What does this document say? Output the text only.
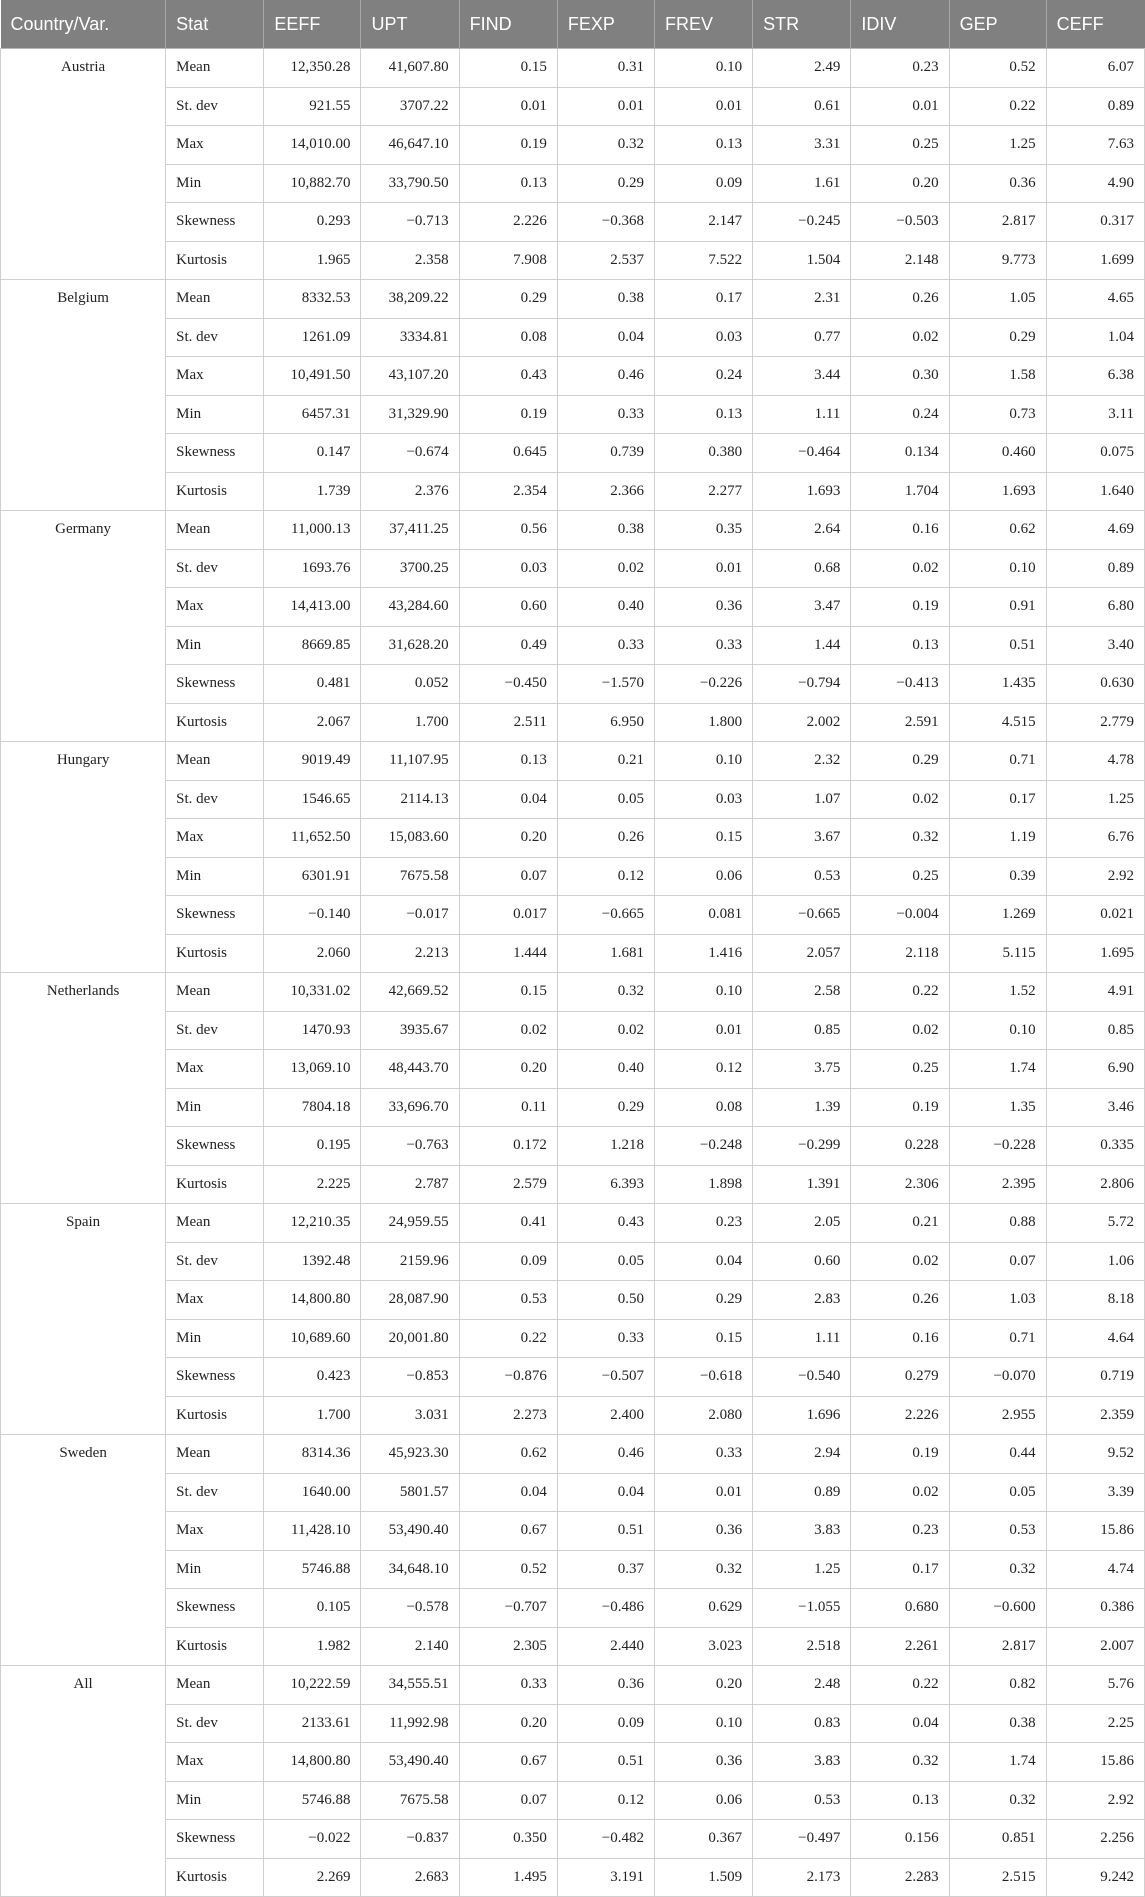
Country/Var.	Stat	EEFF	UPT	FIND	FEXP	FREV	STR	IDIV	GEP	CEFF
Austria	Mean	12,350.28	41,607.80	0.15	0.31	0.10	2.49	0.23	0.52	6.07
	St. dev	921.55	3707.22	0.01	0.01	0.01	0.61	0.01	0.22	0.89
	Max	14,010.00	46,647.10	0.19	0.32	0.13	3.31	0.25	1.25	7.63
	Min	10,882.70	33,790.50	0.13	0.29	0.09	1.61	0.20	0.36	4.90
	Skewness	0.293	−0.713	2.226	−0.368	2.147	−0.245	−0.503	2.817	0.317
	Kurtosis	1.965	2.358	7.908	2.537	7.522	1.504	2.148	9.773	1.699
Belgium	Mean	8332.53	38,209.22	0.29	0.38	0.17	2.31	0.26	1.05	4.65
	St. dev	1261.09	3334.81	0.08	0.04	0.03	0.77	0.02	0.29	1.04
	Max	10,491.50	43,107.20	0.43	0.46	0.24	3.44	0.30	1.58	6.38
	Min	6457.31	31,329.90	0.19	0.33	0.13	1.11	0.24	0.73	3.11
	Skewness	0.147	−0.674	0.645	0.739	0.380	−0.464	0.134	0.460	0.075
	Kurtosis	1.739	2.376	2.354	2.366	2.277	1.693	1.704	1.693	1.640
Germany	Mean	11,000.13	37,411.25	0.56	0.38	0.35	2.64	0.16	0.62	4.69
	St. dev	1693.76	3700.25	0.03	0.02	0.01	0.68	0.02	0.10	0.89
	Max	14,413.00	43,284.60	0.60	0.40	0.36	3.47	0.19	0.91	6.80
	Min	8669.85	31,628.20	0.49	0.33	0.33	1.44	0.13	0.51	3.40
	Skewness	0.481	0.052	−0.450	−1.570	−0.226	−0.794	−0.413	1.435	0.630
	Kurtosis	2.067	1.700	2.511	6.950	1.800	2.002	2.591	4.515	2.779
Hungary	Mean	9019.49	11,107.95	0.13	0.21	0.10	2.32	0.29	0.71	4.78
	St. dev	1546.65	2114.13	0.04	0.05	0.03	1.07	0.02	0.17	1.25
	Max	11,652.50	15,083.60	0.20	0.26	0.15	3.67	0.32	1.19	6.76
	Min	6301.91	7675.58	0.07	0.12	0.06	0.53	0.25	0.39	2.92
	Skewness	−0.140	−0.017	0.017	−0.665	0.081	−0.665	−0.004	1.269	0.021
	Kurtosis	2.060	2.213	1.444	1.681	1.416	2.057	2.118	5.115	1.695
Netherlands	Mean	10,331.02	42,669.52	0.15	0.32	0.10	2.58	0.22	1.52	4.91
	St. dev	1470.93	3935.67	0.02	0.02	0.01	0.85	0.02	0.10	0.85
	Max	13,069.10	48,443.70	0.20	0.40	0.12	3.75	0.25	1.74	6.90
	Min	7804.18	33,696.70	0.11	0.29	0.08	1.39	0.19	1.35	3.46
	Skewness	0.195	−0.763	0.172	1.218	−0.248	−0.299	0.228	−0.228	0.335
	Kurtosis	2.225	2.787	2.579	6.393	1.898	1.391	2.306	2.395	2.806
Spain	Mean	12,210.35	24,959.55	0.41	0.43	0.23	2.05	0.21	0.88	5.72
	St. dev	1392.48	2159.96	0.09	0.05	0.04	0.60	0.02	0.07	1.06
	Max	14,800.80	28,087.90	0.53	0.50	0.29	2.83	0.26	1.03	8.18
	Min	10,689.60	20,001.80	0.22	0.33	0.15	1.11	0.16	0.71	4.64
	Skewness	0.423	−0.853	−0.876	−0.507	−0.618	−0.540	0.279	−0.070	0.719
	Kurtosis	1.700	3.031	2.273	2.400	2.080	1.696	2.226	2.955	2.359
Sweden	Mean	8314.36	45,923.30	0.62	0.46	0.33	2.94	0.19	0.44	9.52
	St. dev	1640.00	5801.57	0.04	0.04	0.01	0.89	0.02	0.05	3.39
	Max	11,428.10	53,490.40	0.67	0.51	0.36	3.83	0.23	0.53	15.86
	Min	5746.88	34,648.10	0.52	0.37	0.32	1.25	0.17	0.32	4.74
	Skewness	0.105	−0.578	−0.707	−0.486	0.629	−1.055	0.680	−0.600	0.386
	Kurtosis	1.982	2.140	2.305	2.440	3.023	2.518	2.261	2.817	2.007
All	Mean	10,222.59	34,555.51	0.33	0.36	0.20	2.48	0.22	0.82	5.76
	St. dev	2133.61	11,992.98	0.20	0.09	0.10	0.83	0.04	0.38	2.25
	Max	14,800.80	53,490.40	0.67	0.51	0.36	3.83	0.32	1.74	15.86
	Min	5746.88	7675.58	0.07	0.12	0.06	0.53	0.13	0.32	2.92
	Skewness	−0.022	−0.837	0.350	−0.482	0.367	−0.497	0.156	0.851	2.256
	Kurtosis	2.269	2.683	1.495	3.191	1.509	2.173	2.283	2.515	9.242
